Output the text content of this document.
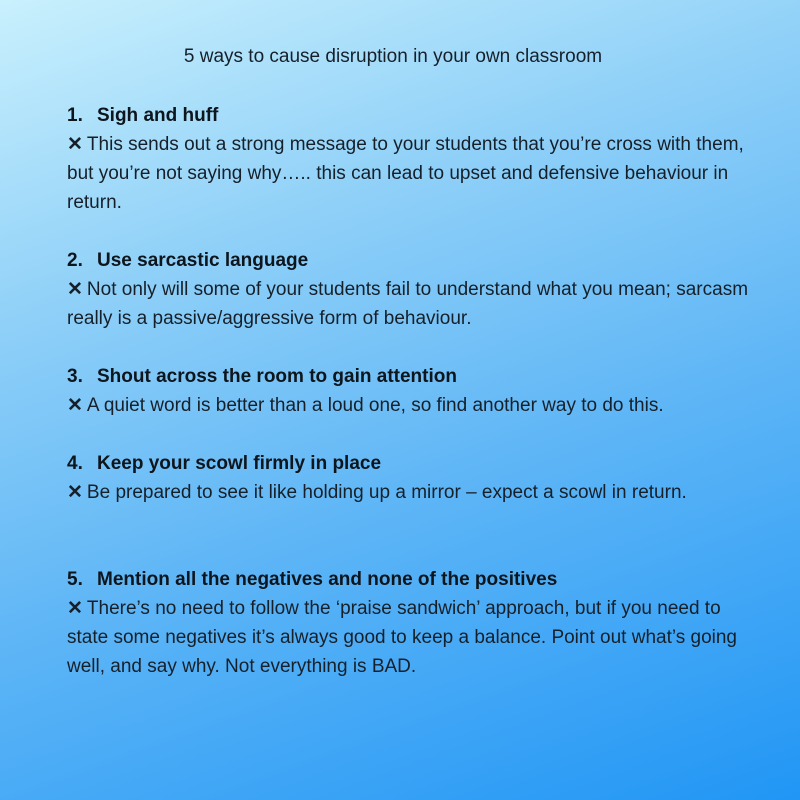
5 ways to cause disruption in your own classroom
1. Sigh and huff
✕ This sends out a strong message to your students that you’re cross with them, but you’re not saying why….. this can lead to upset and defensive behaviour in return.
2. Use sarcastic language
✕ Not only will some of your students fail to understand what you mean; sarcasm really is a passive/aggressive form of behaviour.
3. Shout across the room to gain attention
✕ A quiet word is better than a loud one, so find another way to do this.
4. Keep your scowl firmly in place
✕ Be prepared to see it like holding up a mirror – expect a scowl in return.
5. Mention all the negatives and none of the positives
✕ There’s no need to follow the ‘praise sandwich’ approach, but if you need to state some negatives it’s always good to keep a balance. Point out what’s going well, and say why. Not everything is BAD.
